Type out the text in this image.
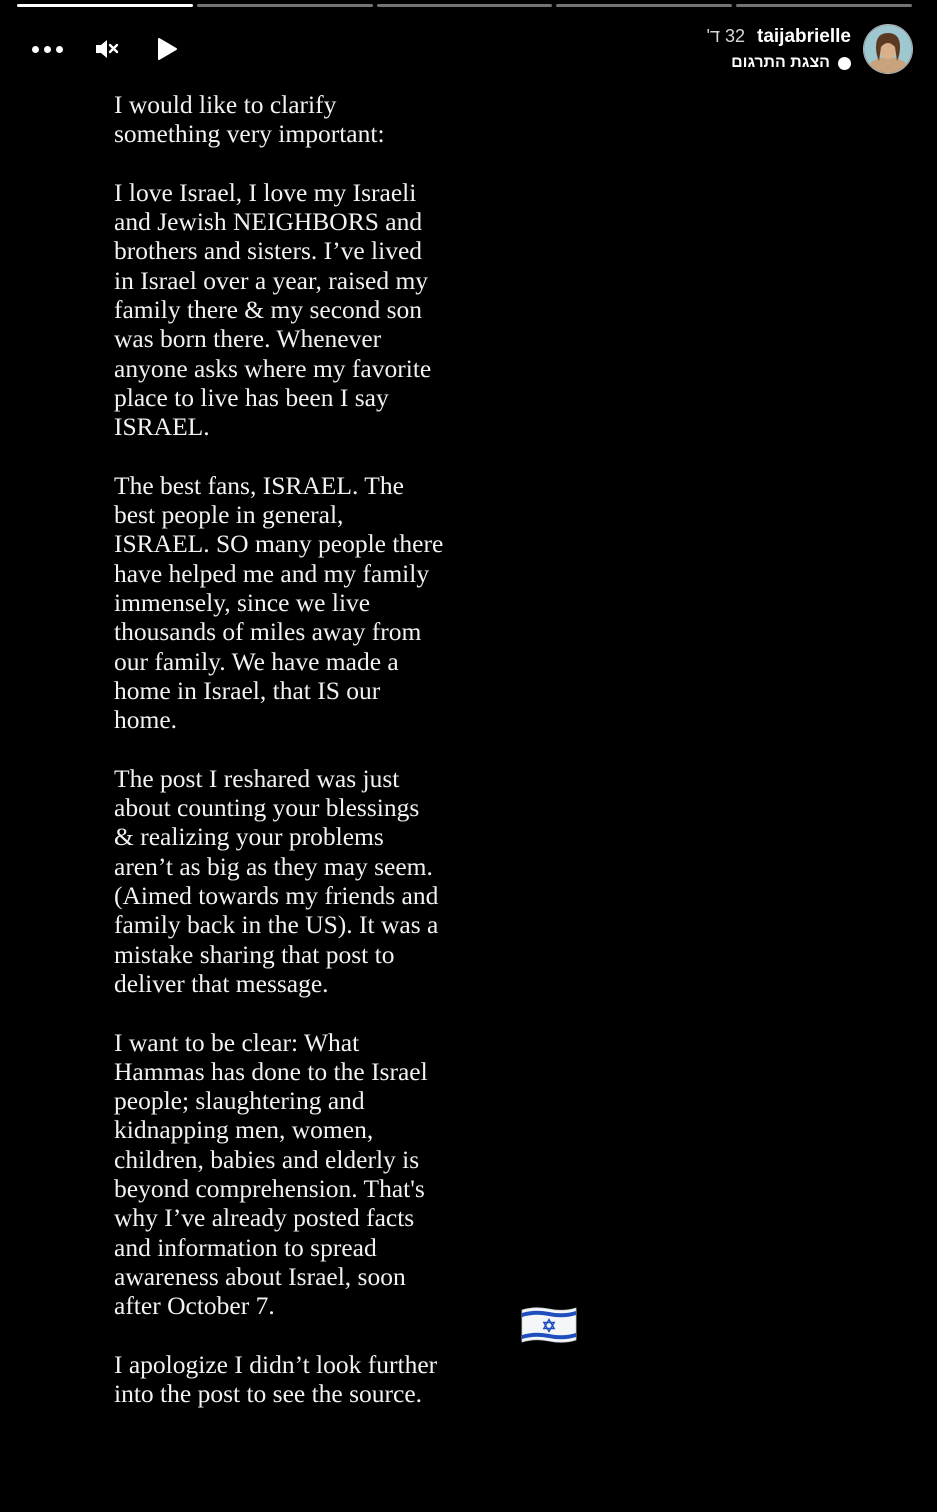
32 ד' taijabrielle
הצגת התרגום

I would like to clarify something very important:

I love Israel, I love my Israeli and Jewish NEIGHBORS and brothers and sisters. I’ve lived in Israel over a year, raised my family there & my second son was born there. Whenever anyone asks where my favorite place to live has been I say ISRAEL.

The best fans, ISRAEL. The best people in general, ISRAEL. SO many people there have helped me and my family immensely, since we live thousands of miles away from our family. We have made a home in Israel, that IS our home.

The post I reshared was just about counting your blessings & realizing your problems aren’t as big as they may seem. (Aimed towards my friends and family back in the US). It was a mistake sharing that post to deliver that message.

I want to be clear: What Hammas has done to the Israel people; slaughtering and kidnapping men, women, children, babies and elderly is beyond comprehension. That's why I’ve already posted facts and information to spread awareness about Israel, soon after October 7.

I apologize I didn’t look further into the post to see the source.
